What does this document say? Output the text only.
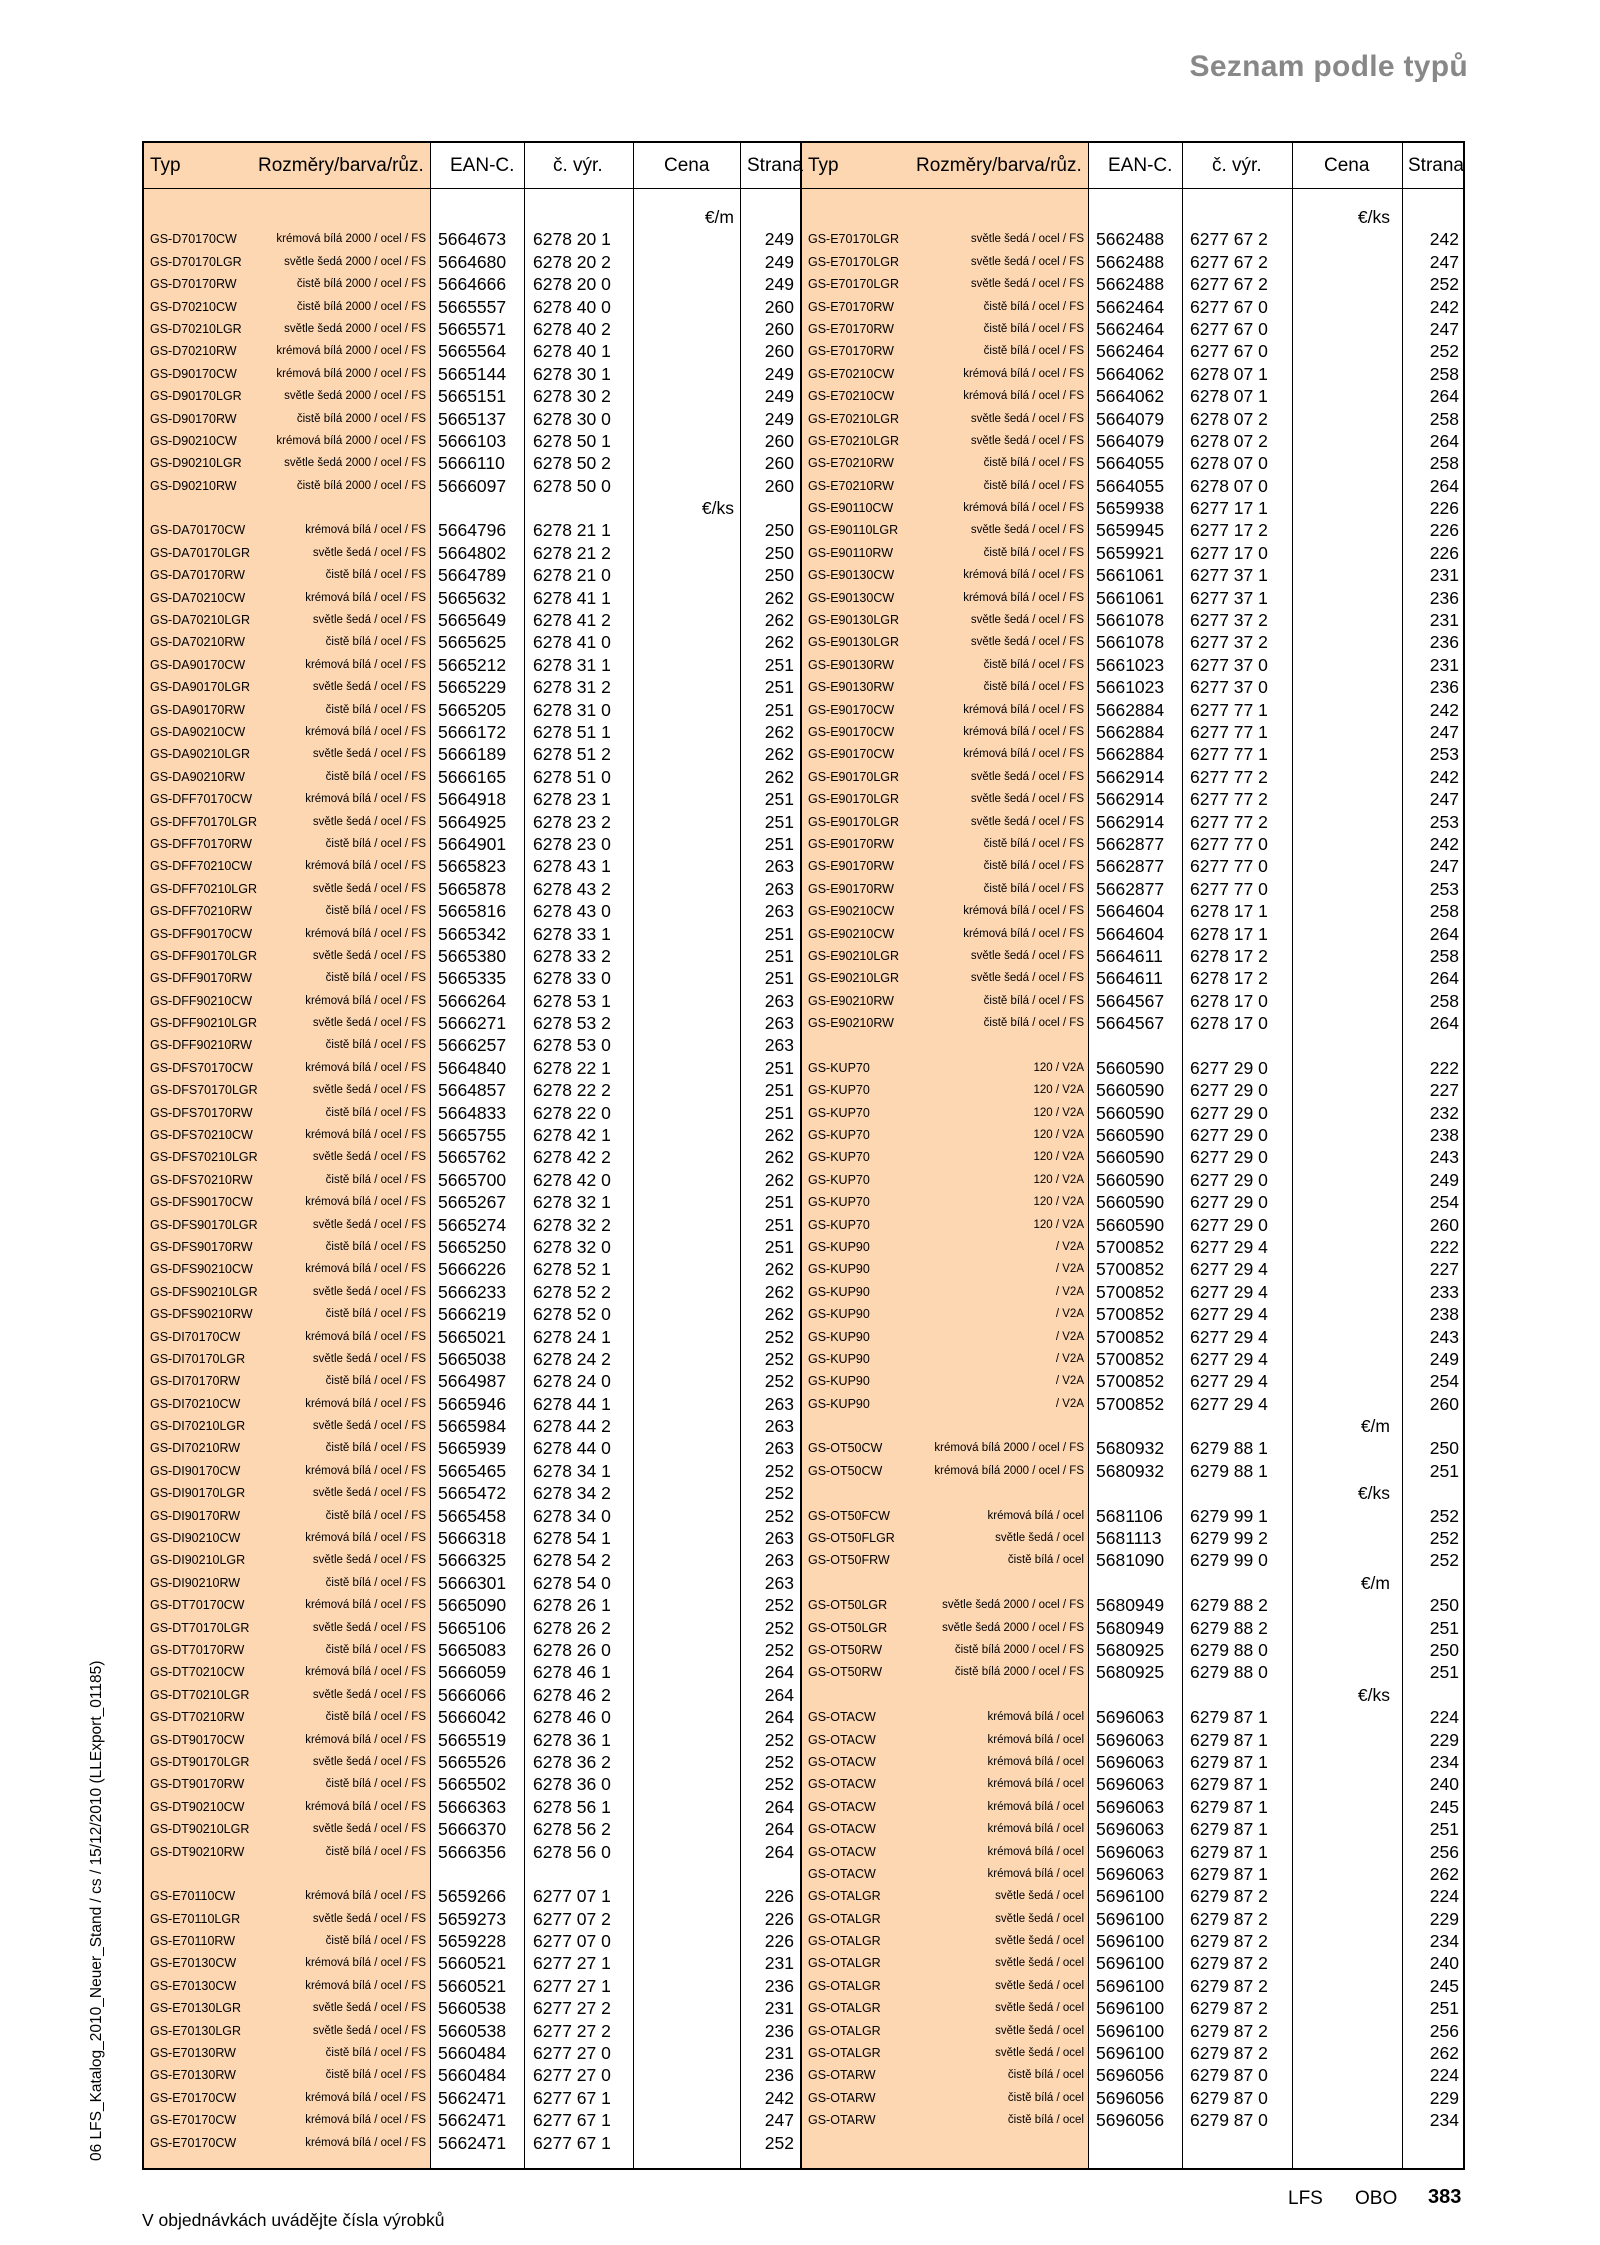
Seznam podle typů
Typ	Rozměry/barva/růz. EAN-C. č. výr.	Cena Strana Typ	Rozměry/barva/růz. EAN-C. č. výr.	Cena Strana
€/m
GS-D70170CW	krémová bílá 2000 / ocel / FS 5664673 6278 20 1	249
GS-D70170LGR	světle šedá 2000 / ocel / FS 5664680 6278 20 2	249
GS-D70170RW	čistě bílá 2000 / ocel / FS 5664666 6278 20 0	249
GS-D70210CW	čistě bílá 2000 / ocel / FS 5665557 6278 40 0	260
GS-D70210LGR	světle šedá 2000 / ocel / FS 5665571 6278 40 2	260
GS-D70210RW	krémová bílá 2000 / ocel / FS 5665564 6278 40 1	260
GS-D90170CW	krémová bílá 2000 / ocel / FS 5665144 6278 30 1	249
GS-D90170LGR	světle šedá 2000 / ocel / FS 5665151 6278 30 2	249
GS-D90170RW	čistě bílá 2000 / ocel / FS 5665137 6278 30 0	249
GS-D90210CW	krémová bílá 2000 / ocel / FS 5666103 6278 50 1	260
GS-D90210LGR	světle šedá 2000 / ocel / FS 5666110 6278 50 2	260
GS-D90210RW	čistě bílá 2000 / ocel / FS 5666097 6278 50 0	260
€/ks
GS-DA70170CW	krémová bílá / ocel / FS 5664796 6278 21 1	250
GS-DA70170LGR	světle šedá / ocel / FS 5664802 6278 21 2	250
GS-DA70170RW	čistě bílá / ocel / FS 5664789 6278 21 0	250
GS-DA70210CW	krémová bílá / ocel / FS 5665632 6278 41 1	262
GS-DA70210LGR	světle šedá / ocel / FS 5665649 6278 41 2	262
GS-DA70210RW	čistě bílá / ocel / FS 5665625 6278 41 0	262
GS-DA90170CW	krémová bílá / ocel / FS 5665212 6278 31 1	251
GS-DA90170LGR	světle šedá / ocel / FS 5665229 6278 31 2	251
GS-DA90170RW	čistě bílá / ocel / FS 5665205 6278 31 0	251
GS-DA90210CW	krémová bílá / ocel / FS 5666172 6278 51 1	262
GS-DA90210LGR	světle šedá / ocel / FS 5666189 6278 51 2	262
GS-DA90210RW	čistě bílá / ocel / FS 5666165 6278 51 0	262
GS-DFF70170CW	krémová bílá / ocel / FS 5664918 6278 23 1	251
GS-DFF70170LGR	světle šedá / ocel / FS 5664925 6278 23 2	251
GS-DFF70170RW	čistě bílá / ocel / FS 5664901 6278 23 0	251
GS-DFF70210CW	krémová bílá / ocel / FS 5665823 6278 43 1	263
GS-DFF70210LGR	světle šedá / ocel / FS 5665878 6278 43 2	263
GS-DFF70210RW	čistě bílá / ocel / FS 5665816 6278 43 0	263
GS-DFF90170CW	krémová bílá / ocel / FS 5665342 6278 33 1	251
GS-DFF90170LGR	světle šedá / ocel / FS 5665380 6278 33 2	251
GS-DFF90170RW	čistě bílá / ocel / FS 5665335 6278 33 0	251
GS-DFF90210CW	krémová bílá / ocel / FS 5666264 6278 53 1	263
GS-DFF90210LGR	světle šedá / ocel / FS 5666271 6278 53 2	263
GS-DFF90210RW	čistě bílá / ocel / FS 5666257 6278 53 0	263
GS-DFS70170CW	krémová bílá / ocel / FS 5664840 6278 22 1	251
GS-DFS70170LGR	světle šedá / ocel / FS 5664857 6278 22 2	251
GS-DFS70170RW	čistě bílá / ocel / FS 5664833 6278 22 0	251
GS-DFS70210CW	krémová bílá / ocel / FS 5665755 6278 42 1	262
GS-DFS70210LGR	světle šedá / ocel / FS 5665762 6278 42 2	262
GS-DFS70210RW	čistě bílá / ocel / FS 5665700 6278 42 0	262
GS-DFS90170CW	krémová bílá / ocel / FS 5665267 6278 32 1	251
GS-DFS90170LGR	světle šedá / ocel / FS 5665274 6278 32 2	251
GS-DFS90170RW	čistě bílá / ocel / FS 5665250 6278 32 0	251
GS-DFS90210CW	krémová bílá / ocel / FS 5666226 6278 52 1	262
GS-DFS90210LGR	světle šedá / ocel / FS 5666233 6278 52 2	262
GS-DFS90210RW	čistě bílá / ocel / FS 5666219 6278 52 0	262
GS-DI70170CW	krémová bílá / ocel / FS 5665021 6278 24 1	252
GS-DI70170LGR	světle šedá / ocel / FS 5665038 6278 24 2	252
GS-DI70170RW	čistě bílá / ocel / FS 5664987 6278 24 0	252
GS-DI70210CW	krémová bílá / ocel / FS 5665946 6278 44 1	263
GS-DI70210LGR	světle šedá / ocel / FS 5665984 6278 44 2	263
GS-DI70210RW	čistě bílá / ocel / FS 5665939 6278 44 0	263
GS-DI90170CW	krémová bílá / ocel / FS 5665465 6278 34 1	252
GS-DI90170LGR	světle šedá / ocel / FS 5665472 6278 34 2	252
GS-DI90170RW	čistě bílá / ocel / FS 5665458 6278 34 0	252
GS-DI90210CW	krémová bílá / ocel / FS 5666318 6278 54 1	263
GS-DI90210LGR	světle šedá / ocel / FS 5666325 6278 54 2	263
GS-DI90210RW	čistě bílá / ocel / FS 5666301 6278 54 0	263
GS-DT70170CW	krémová bílá / ocel / FS 5665090 6278 26 1	252
GS-DT70170LGR	světle šedá / ocel / FS 5665106 6278 26 2	252
GS-DT70170RW	čistě bílá / ocel / FS 5665083 6278 26 0	252
GS-DT70210CW	krémová bílá / ocel / FS 5666059 6278 46 1	264
GS-DT70210LGR	světle šedá / ocel / FS 5666066 6278 46 2	264
GS-DT70210RW	čistě bílá / ocel / FS 5666042 6278 46 0	264
GS-DT90170CW	krémová bílá / ocel / FS 5665519 6278 36 1	252
GS-DT90170LGR	světle šedá / ocel / FS 5665526 6278 36 2	252
GS-DT90170RW	čistě bílá / ocel / FS 5665502 6278 36 0	252
GS-DT90210CW	krémová bílá / ocel / FS 5666363 6278 56 1	264
GS-DT90210LGR	světle šedá / ocel / FS 5666370 6278 56 2	264
GS-DT90210RW	čistě bílá / ocel / FS 5666356 6278 56 0	264
GS-E70110CW	krémová bílá / ocel / FS 5659266 6277 07 1	226
GS-E70110LGR	světle šedá / ocel / FS 5659273 6277 07 2	226
GS-E70110RW	čistě bílá / ocel / FS 5659228 6277 07 0	226
GS-E70130CW	krémová bílá / ocel / FS 5660521 6277 27 1	231
GS-E70130CW	krémová bílá / ocel / FS 5660521 6277 27 1	236
GS-E70130LGR	světle šedá / ocel / FS 5660538 6277 27 2	231
GS-E70130LGR	světle šedá / ocel / FS 5660538 6277 27 2	236
GS-E70130RW	čistě bílá / ocel / FS 5660484 6277 27 0	231
GS-E70130RW	čistě bílá / ocel / FS 5660484 6277 27 0	236
GS-E70170CW	krémová bílá / ocel / FS 5662471 6277 67 1	242
GS-E70170CW	krémová bílá / ocel / FS 5662471 6277 67 1	247
GS-E70170CW	krémová bílá / ocel / FS 5662471 6277 67 1	252
€/ks
GS-E70170LGR	světle šedá / ocel / FS 5662488 6277 67 2	242
GS-E70170LGR	světle šedá / ocel / FS 5662488 6277 67 2	247
GS-E70170LGR	světle šedá / ocel / FS 5662488 6277 67 2	252
GS-E70170RW	čistě bílá / ocel / FS 5662464 6277 67 0	242
GS-E70170RW	čistě bílá / ocel / FS 5662464 6277 67 0	247
GS-E70170RW	čistě bílá / ocel / FS 5662464 6277 67 0	252
GS-E70210CW	krémová bílá / ocel / FS 5664062 6278 07 1	258
GS-E70210CW	krémová bílá / ocel / FS 5664062 6278 07 1	264
GS-E70210LGR	světle šedá / ocel / FS 5664079 6278 07 2	258
GS-E70210LGR	světle šedá / ocel / FS 5664079 6278 07 2	264
GS-E70210RW	čistě bílá / ocel / FS 5664055 6278 07 0	258
GS-E70210RW	čistě bílá / ocel / FS 5664055 6278 07 0	264
GS-E90110CW	krémová bílá / ocel / FS 5659938 6277 17 1	226
GS-E90110LGR	světle šedá / ocel / FS 5659945 6277 17 2	226
GS-E90110RW	čistě bílá / ocel / FS 5659921 6277 17 0	226
GS-E90130CW	krémová bílá / ocel / FS 5661061 6277 37 1	231
GS-E90130CW	krémová bílá / ocel / FS 5661061 6277 37 1	236
GS-E90130LGR	světle šedá / ocel / FS 5661078 6277 37 2	231
GS-E90130LGR	světle šedá / ocel / FS 5661078 6277 37 2	236
GS-E90130RW	čistě bílá / ocel / FS 5661023 6277 37 0	231
GS-E90130RW	čistě bílá / ocel / FS 5661023 6277 37 0	236
GS-E90170CW	krémová bílá / ocel / FS 5662884 6277 77 1	242
GS-E90170CW	krémová bílá / ocel / FS 5662884 6277 77 1	247
GS-E90170CW	krémová bílá / ocel / FS 5662884 6277 77 1	253
GS-E90170LGR	světle šedá / ocel / FS 5662914 6277 77 2	242
GS-E90170LGR	světle šedá / ocel / FS 5662914 6277 77 2	247
GS-E90170LGR	světle šedá / ocel / FS 5662914 6277 77 2	253
GS-E90170RW	čistě bílá / ocel / FS 5662877 6277 77 0	242
GS-E90170RW	čistě bílá / ocel / FS 5662877 6277 77 0	247
GS-E90170RW	čistě bílá / ocel / FS 5662877 6277 77 0	253
GS-E90210CW	krémová bílá / ocel / FS 5664604 6278 17 1	258
GS-E90210CW	krémová bílá / ocel / FS 5664604 6278 17 1	264
GS-E90210LGR	světle šedá / ocel / FS 5664611 6278 17 2	258
GS-E90210LGR	světle šedá / ocel / FS 5664611 6278 17 2	264
GS-E90210RW	čistě bílá / ocel / FS 5664567 6278 17 0	258
GS-E90210RW	čistě bílá / ocel / FS 5664567 6278 17 0	264
GS-KUP70	120 / V2A 5660590 6277 29 0	222
GS-KUP70	120 / V2A 5660590 6277 29 0	227
GS-KUP70	120 / V2A 5660590 6277 29 0	232
GS-KUP70	120 / V2A 5660590 6277 29 0	238
GS-KUP70	120 / V2A 5660590 6277 29 0	243
GS-KUP70	120 / V2A 5660590 6277 29 0	249
GS-KUP70	120 / V2A 5660590 6277 29 0	254
GS-KUP70	120 / V2A 5660590 6277 29 0	260
GS-KUP90	/ V2A 5700852 6277 29 4	222
GS-KUP90	/ V2A 5700852 6277 29 4	227
GS-KUP90	/ V2A 5700852 6277 29 4	233
GS-KUP90	/ V2A 5700852 6277 29 4	238
GS-KUP90	/ V2A 5700852 6277 29 4	243
GS-KUP90	/ V2A 5700852 6277 29 4	249
GS-KUP90	/ V2A 5700852 6277 29 4	254
GS-KUP90	/ V2A 5700852 6277 29 4	260
€/m
GS-OT50CW	krémová bílá 2000 / ocel / FS 5680932 6279 88 1	250
GS-OT50CW	krémová bílá 2000 / ocel / FS 5680932 6279 88 1	251
€/ks
GS-OT50FCW	krémová bílá / ocel 5681106 6279 99 1	252
GS-OT50FLGR	světle šedá / ocel 5681113 6279 99 2	252
GS-OT50FRW	čistě bílá / ocel 5681090 6279 99 0	252
€/m
GS-OT50LGR	světle šedá 2000 / ocel / FS 5680949 6279 88 2	250
GS-OT50LGR	světle šedá 2000 / ocel / FS 5680949 6279 88 2	251
GS-OT50RW	čistě bílá 2000 / ocel / FS 5680925 6279 88 0	250
GS-OT50RW	čistě bílá 2000 / ocel / FS 5680925 6279 88 0	251
€/ks
GS-OTACW	krémová bílá / ocel 5696063 6279 87 1	224
GS-OTACW	krémová bílá / ocel 5696063 6279 87 1	229
GS-OTACW	krémová bílá / ocel 5696063 6279 87 1	234
GS-OTACW	krémová bílá / ocel 5696063 6279 87 1	240
GS-OTACW	krémová bílá / ocel 5696063 6279 87 1	245
GS-OTACW	krémová bílá / ocel 5696063 6279 87 1	251
GS-OTACW	krémová bílá / ocel 5696063 6279 87 1	256
GS-OTACW	krémová bílá / ocel 5696063 6279 87 1	262
GS-OTALGR	světle šedá / ocel 5696100 6279 87 2	224
GS-OTALGR	světle šedá / ocel 5696100 6279 87 2	229
GS-OTALGR	světle šedá / ocel 5696100 6279 87 2	234
GS-OTALGR	světle šedá / ocel 5696100 6279 87 2	240
GS-OTALGR	světle šedá / ocel 5696100 6279 87 2	245
GS-OTALGR	světle šedá / ocel 5696100 6279 87 2	251
GS-OTALGR	světle šedá / ocel 5696100 6279 87 2	256
GS-OTALGR	světle šedá / ocel 5696100 6279 87 2	262
GS-OTARW	čistě bílá / ocel 5696056 6279 87 0	224
GS-OTARW	čistě bílá / ocel 5696056 6279 87 0	229
GS-OTARW	čistě bílá / ocel 5696056 6279 87 0	234
06 LFS_Katalog_2010_Neuer_Stand / cs / 15/12/2010 (LLExport_01185)
V objednávkách uvádějte čísla výrobků
LFS OBO 383
